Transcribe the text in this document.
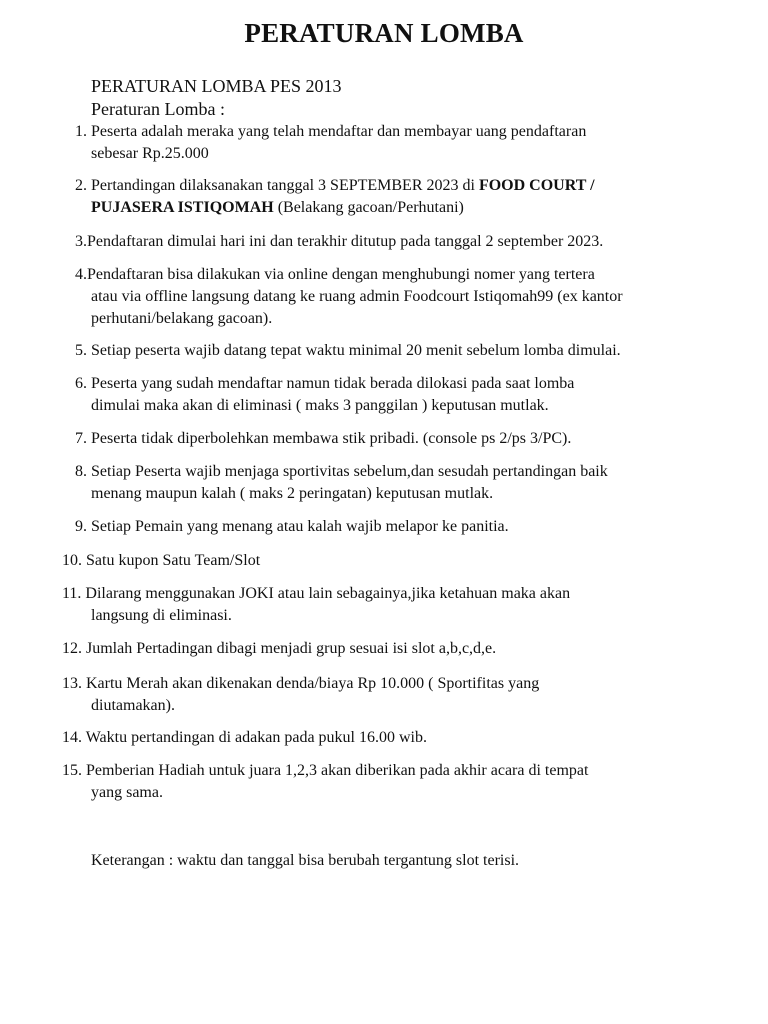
PERATURAN LOMBA
PERATURAN LOMBA PES 2013
Peraturan Lomba :
1. Peserta adalah meraka yang telah mendaftar dan membayar uang pendaftaran
sebesar Rp.25.000
2. Pertandingan dilaksanakan tanggal 3 SEPTEMBER 2023 di FOOD COURT /
PUJASERA ISTIQOMAH (Belakang gacoan/Perhutani)
3.Pendaftaran dimulai hari ini dan terakhir ditutup pada tanggal 2 september 2023.
4.Pendaftaran bisa dilakukan via online dengan menghubungi nomer yang tertera
atau via offline langsung datang ke ruang admin Foodcourt Istiqomah99 (ex kantor
perhutani/belakang gacoan).
5. Setiap peserta wajib datang tepat waktu minimal 20 menit sebelum lomba dimulai.
6. Peserta yang sudah mendaftar namun tidak berada dilokasi pada saat lomba
dimulai maka akan di eliminasi ( maks 3 panggilan ) keputusan mutlak.
7. Peserta tidak diperbolehkan membawa stik pribadi. (console ps 2/ps 3/PC).
8. Setiap Peserta wajib menjaga sportivitas sebelum,dan sesudah pertandingan baik
menang maupun kalah ( maks 2 peringatan) keputusan mutlak.
9. Setiap Pemain yang menang atau kalah wajib melapor ke panitia.
10. Satu kupon Satu Team/Slot
11. Dilarang menggunakan JOKI atau lain sebagainya,jika ketahuan maka akan
langsung di eliminasi.
12. Jumlah Pertadingan dibagi menjadi grup sesuai isi slot a,b,c,d,e.
13. Kartu Merah akan dikenakan denda/biaya Rp 10.000 ( Sportifitas yang
diutamakan).
14. Waktu pertandingan di adakan pada pukul 16.00 wib.
15. Pemberian Hadiah untuk juara 1,2,3 akan diberikan pada akhir acara di tempat
yang sama.
Keterangan : waktu dan tanggal bisa berubah tergantung slot terisi.
